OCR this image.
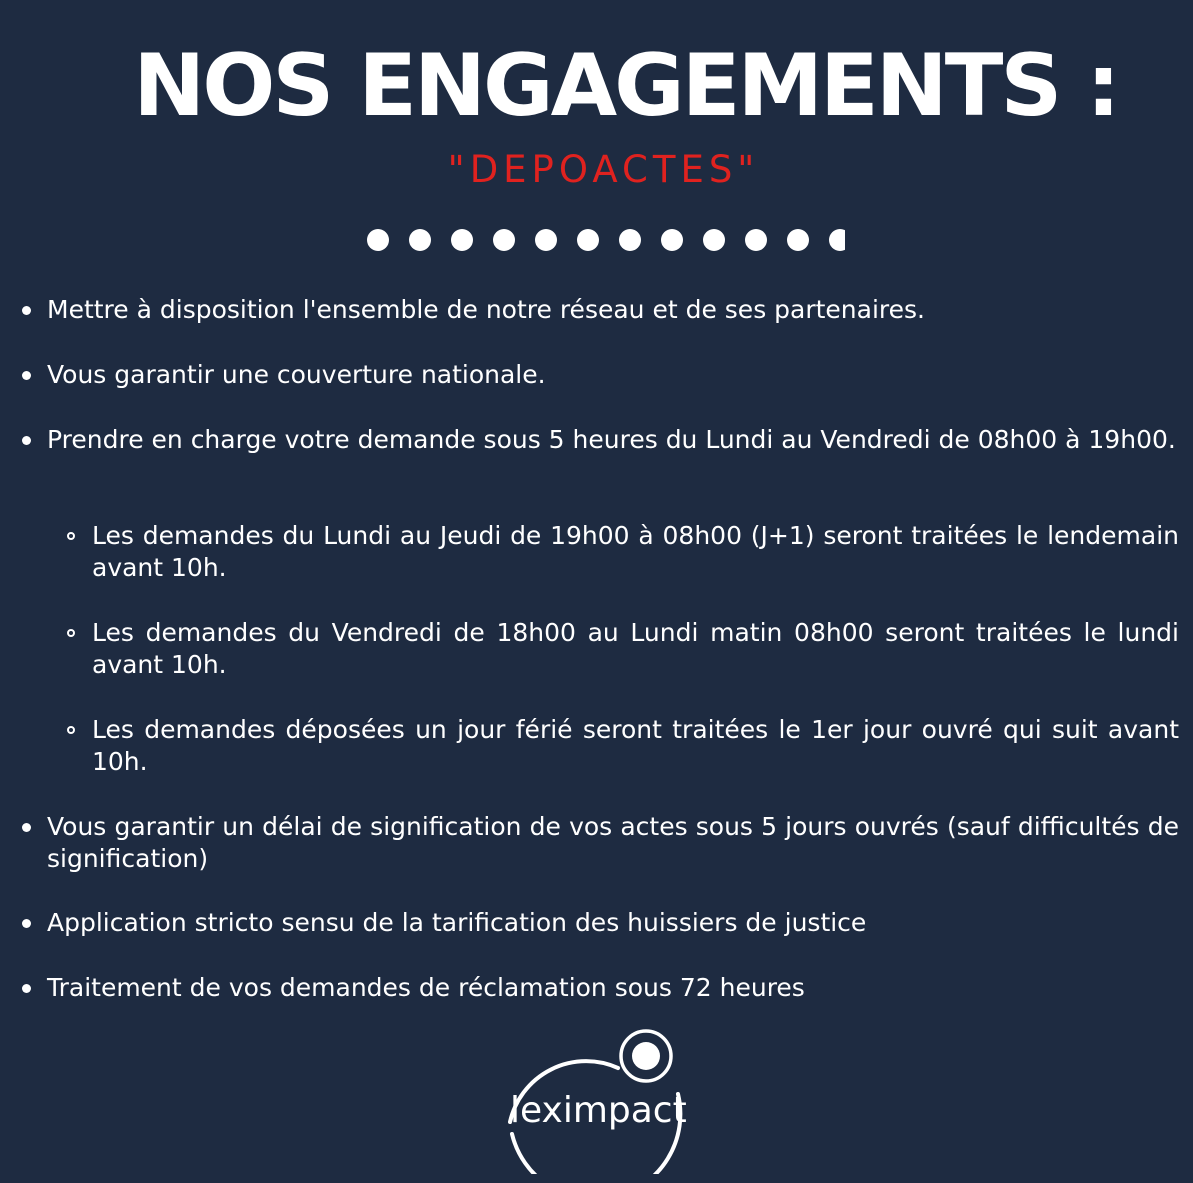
NOS ENGAGEMENTS :
"DEPOACTES"

Mettre à disposition l'ensemble de notre réseau et de ses partenaires.

Vous garantir une couverture nationale.

Prendre en charge votre demande sous 5 heures du Lundi au Vendredi de 08h00 à 19h00.

Les demandes du Lundi au Jeudi de 19h00 à 08h00 (J+1) seront traitées le lendemain avant 10h.

Les demandes du Vendredi de 18h00 au Lundi matin 08h00 seront traitées le lundi avant 10h.

Les demandes déposées un jour férié seront traitées le 1er jour ouvré qui suit avant 10h.

Vous garantir un délai de signification de vos actes sous 5 jours ouvrés (sauf difficultés de signification)

Application stricto sensu de la tarification des huissiers de justice

Traitement de vos demandes de réclamation sous 72 heures

leximpact
